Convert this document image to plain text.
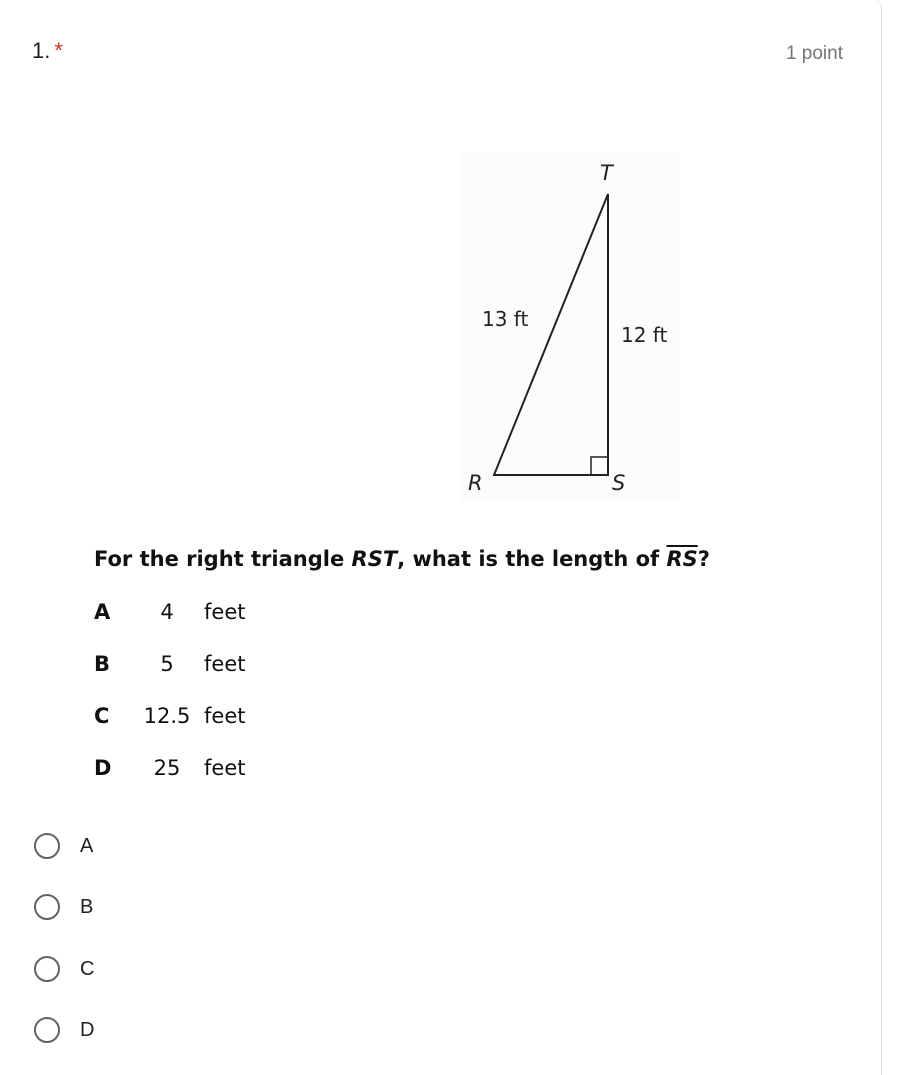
1. *	1 point
T
R	S
13 ft
12 ft
For the right triangle RST, what is the length of $\overline{RS}$?
A	4	feet
B	5	feet
C 12.5 feet
D	25	feet
A
B
C
D
